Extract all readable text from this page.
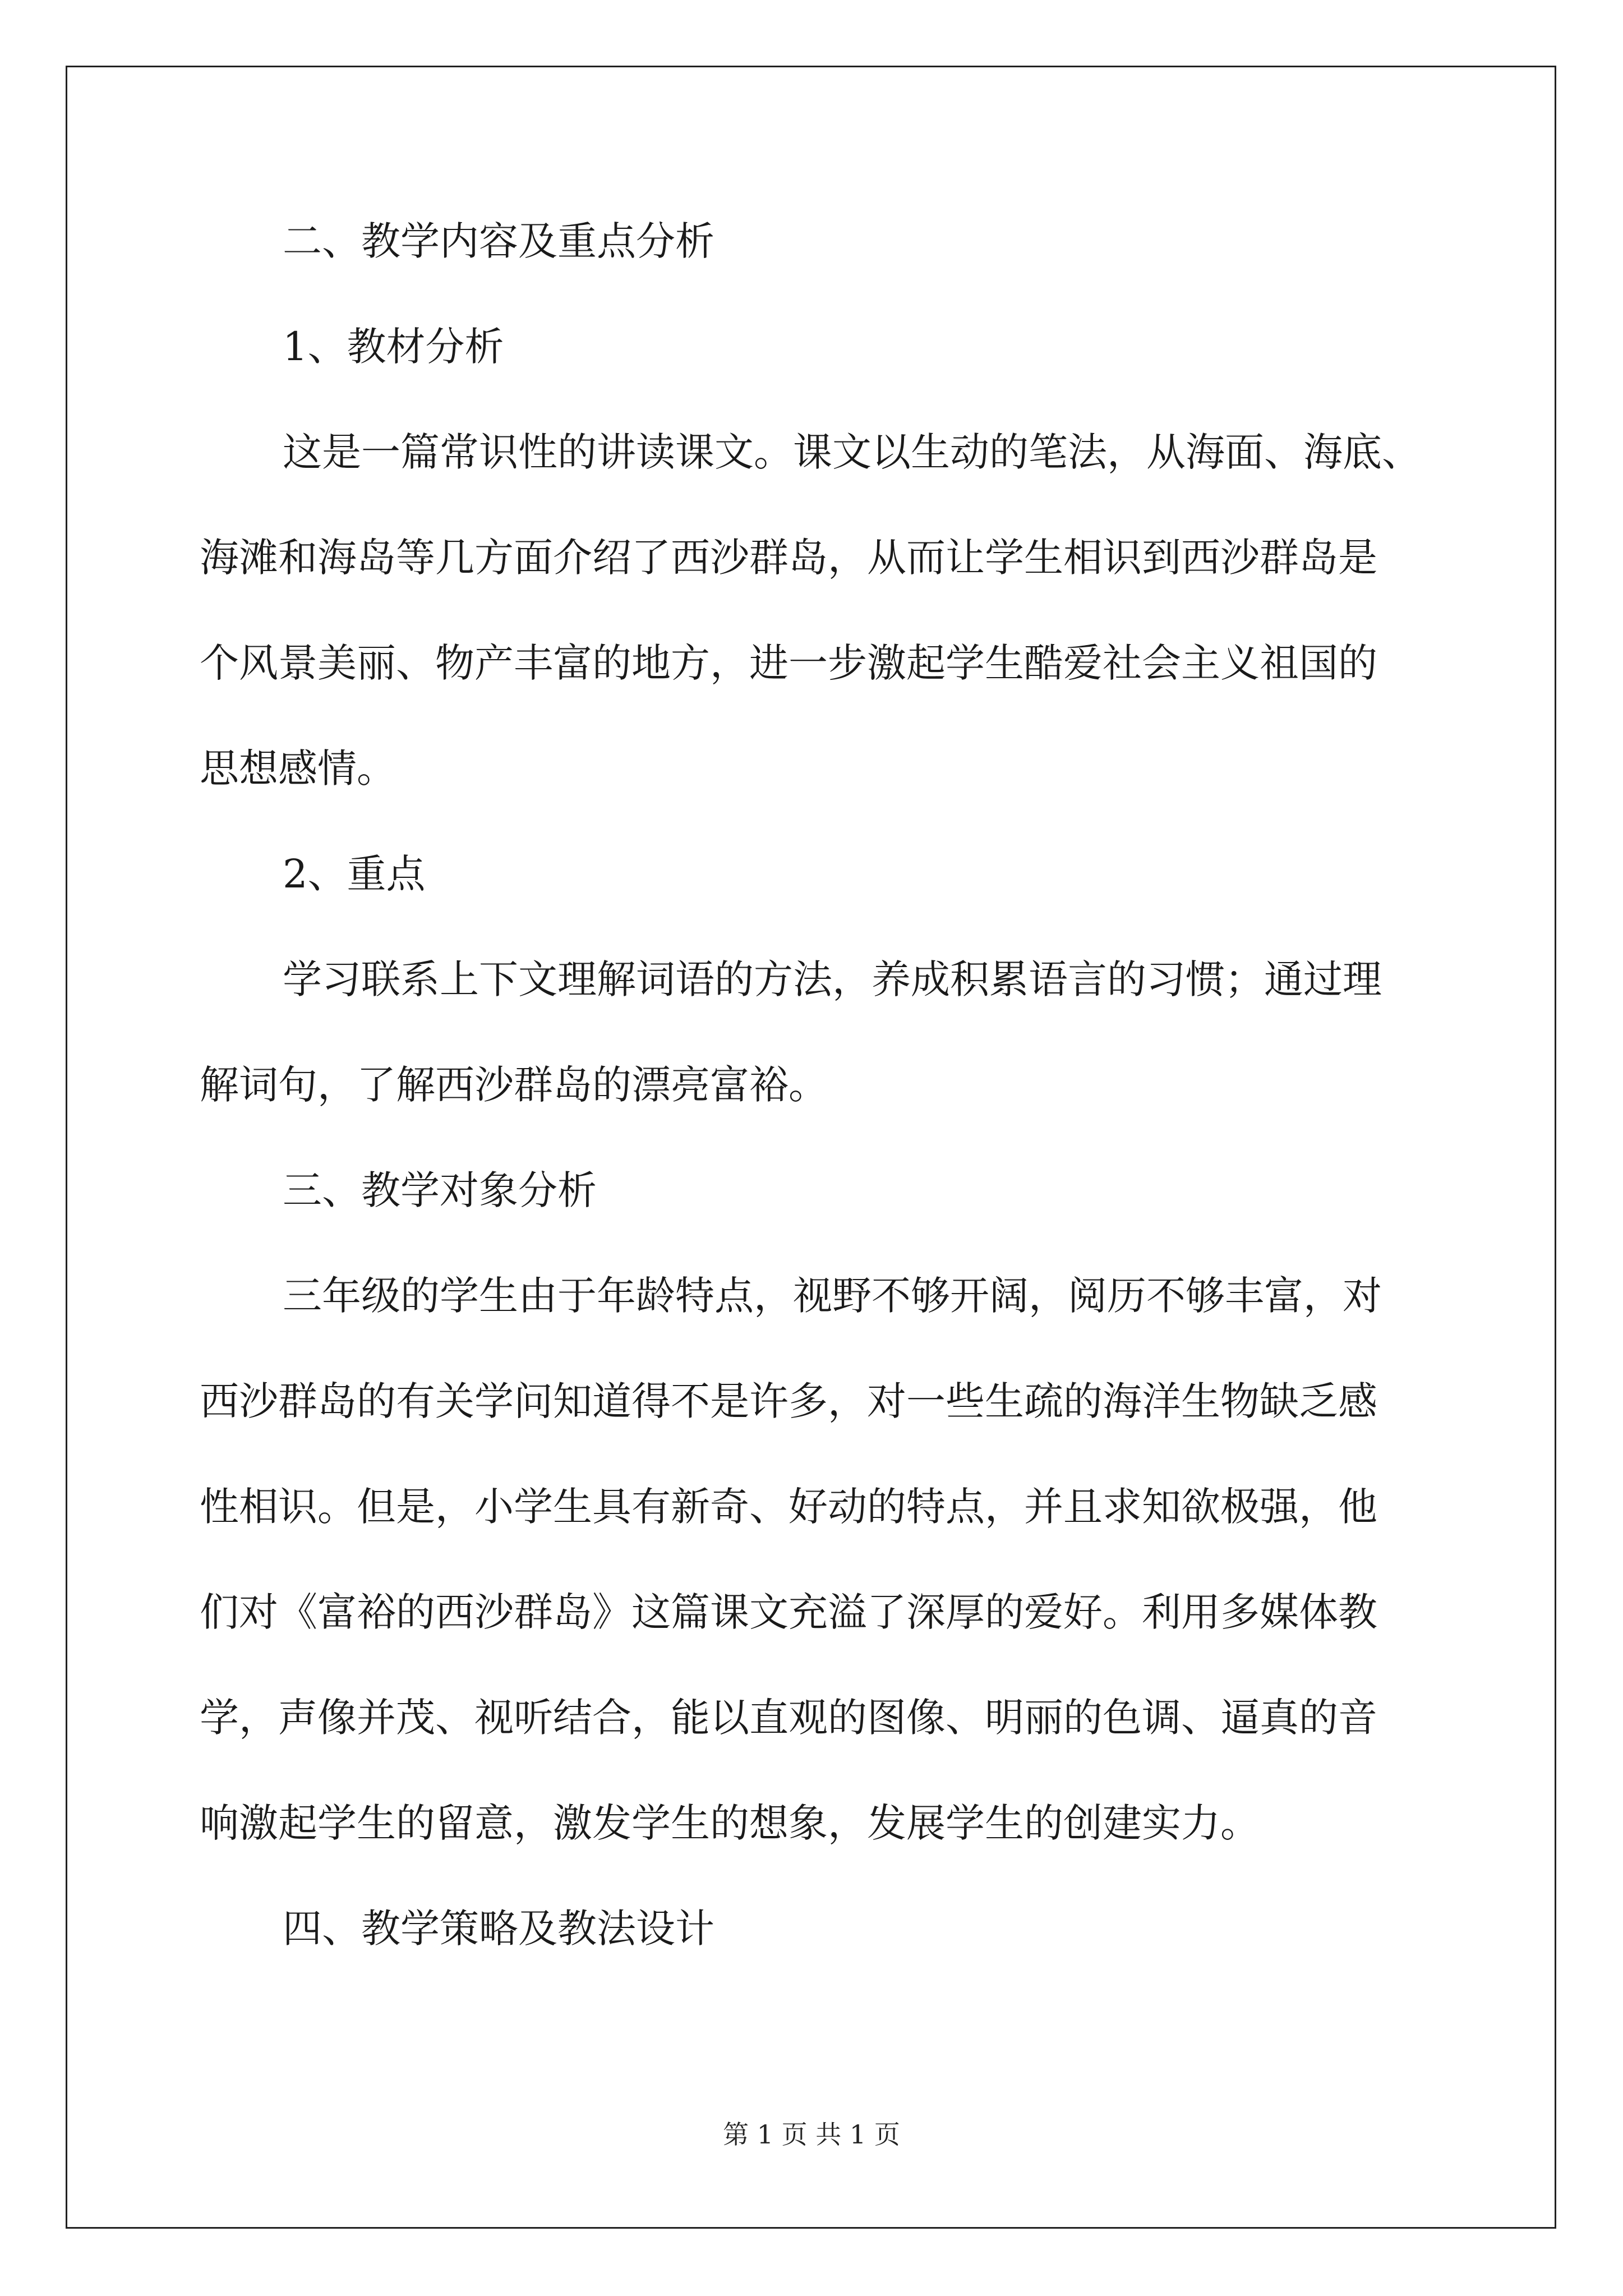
二、教学内容及重点分析

1、教材分析

这是一篇常识性的讲读课文。课文以生动的笔法，从海面、海底、

海滩和海岛等几方面介绍了西沙群岛，从而让学生相识到西沙群岛是

个风景美丽、物产丰富的地方，进一步激起学生酷爱社会主义祖国的

思想感情。

2、重点

学习联系上下文理解词语的方法，养成积累语言的习惯；通过理

解词句，了解西沙群岛的漂亮富裕。

三、教学对象分析

三年级的学生由于年龄特点，视野不够开阔，阅历不够丰富，对

西沙群岛的有关学问知道得不是许多，对一些生疏的海洋生物缺乏感

性相识。但是，小学生具有新奇、好动的特点，并且求知欲极强，他

们对《富裕的西沙群岛》这篇课文充溢了深厚的爱好。利用多媒体教

学，声像并茂、视听结合，能以直观的图像、明丽的色调、逼真的音

响激起学生的留意，激发学生的想象，发展学生的创建实力。

四、教学策略及教法设计

第 1 页 共 1 页
